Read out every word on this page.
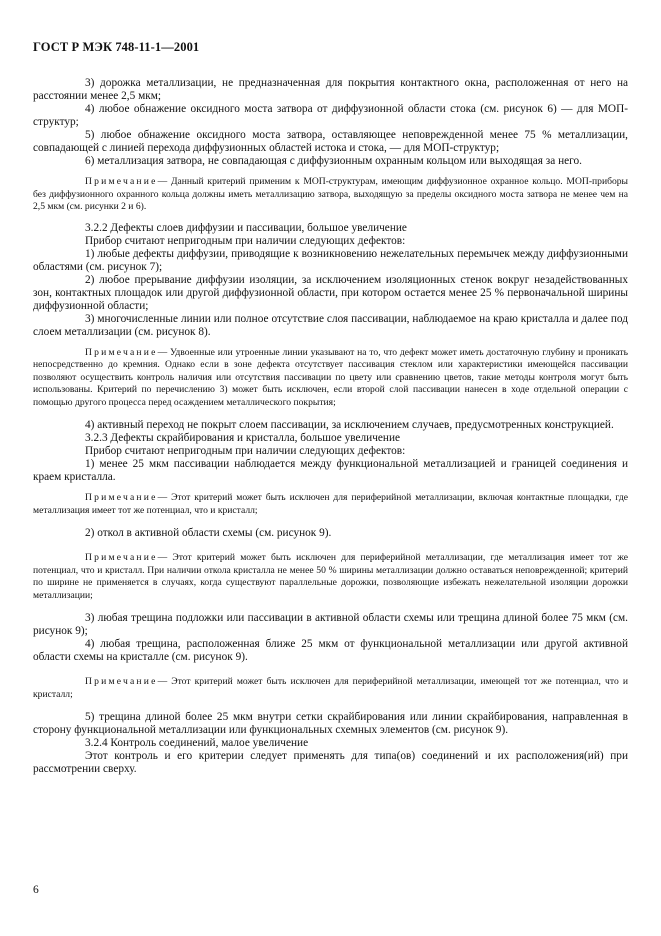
ГОСТ Р МЭК 748-11-1—2001

3) дорожка металлизации, не предназначенная для покрытия контактного окна, расположенная от него на расстоянии менее 2,5 мкм;

4) любое обнажение оксидного моста затвора от диффузионной области стока (см. рисунок 6) — для МОП-структур;

5) любое обнажение оксидного моста затвора, оставляющее неповрежденной менее 75 % металлизации, совпадающей с линией перехода диффузионных областей истока и стока, — для МОП-структур;

6) металлизация затвора, не совпадающая с диффузионным охранным кольцом или выходящая за него.

Примечание— Данный критерий применим к МОП-структурам, имеющим диффузионное охранное кольцо. МОП-приборы без диффузионного охранного кольца должны иметь металлизацию затвора, выходящую за пределы оксидного моста затвора не менее чем на 2,5 мкм (см. рисунки 2 и 6).

3.2.2 Дефекты слоев диффузии и пассивации, большое увеличение

Прибор считают непригодным при наличии следующих дефектов:

1) любые дефекты диффузии, приводящие к возникновению нежелательных перемычек между диффузионными областями (см. рисунок 7);

2) любое прерывание диффузии изоляции, за исключением изоляционных стенок вокруг незадействованных зон, контактных площадок или другой диффузионной области, при котором остается менее 25 % первоначальной ширины диффузионной области;

3) многочисленные линии или полное отсутствие слоя пассивации, наблюдаемое на краю кристалла и далее под слоем металлизации (см. рисунок 8).

Примечание— Удвоенные или утроенные линии указывают на то, что дефект может иметь достаточную глубину и проникать непосредственно до кремния. Однако если в зоне дефекта отсутствует пассивация стеклом или характеристики имеющейся пассивации позволяют осуществить контроль наличия или отсутствия пассивации по цвету или сравнению цветов, такие методы контроля могут быть использованы. Критерий по перечислению 3) может быть исключен, если второй слой пассивации нанесен в ходе отдельной операции с помощью другого процесса перед осаждением металлического покрытия;

4) активный переход не покрыт слоем пассивации, за исключением случаев, предусмотренных конструкцией.

3.2.3 Дефекты скрайбирования и кристалла, большое увеличение

Прибор считают непригодным при наличии следующих дефектов:

1) менее 25 мкм пассивации наблюдается между функциональной металлизацией и границей соединения и краем кристалла.

Примечание— Этот критерий может быть исключен для периферийной металлизации, включая контактные площадки, где металлизация имеет тот же потенциал, что и кристалл;

2) откол в активной области схемы (см. рисунок 9).

Примечание— Этот критерий может быть исключен для периферийной металлизации, где металлизация имеет тот же потенциал, что и кристалл. При наличии откола кристалла не менее 50 % ширины металлизации должно оставаться неповрежденной; критерий по ширине не применяется в случаях, когда существуют параллельные дорожки, позволяющие избежать нежелательной изоляции дорожки металлизации;

3) любая трещина подложки или пассивации в активной области схемы или трещина длиной более 75 мкм (см. рисунок 9);

4) любая трещина, расположенная ближе 25 мкм от функциональной металлизации или другой активной области схемы на кристалле (см. рисунок 9).

Примечание— Этот критерий может быть исключен для периферийной металлизации, имеющей тот же потенциал, что и кристалл;

5) трещина длиной более 25 мкм внутри сетки скрайбирования или линии скрайбирования, направленная в сторону функциональной металлизации или функциональных схемных элементов (см. рисунок 9).

3.2.4 Контроль соединений, малое увеличение

Этот контроль и его критерии следует применять для типа(ов) соединений и их расположения(ий) при рассмотрении сверху.

6
